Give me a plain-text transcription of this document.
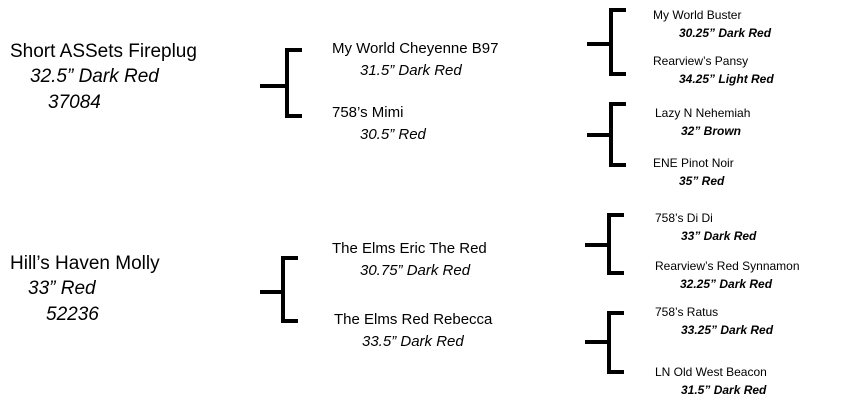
Short ASSets Fireplug
32.5” Dark Red
37084
My World Cheyenne B97
31.5” Dark Red
758’s Mimi
30.5” Red
My World Buster
30.25” Dark Red
Rearview’s Pansy
34.25” Light Red
Lazy N Nehemiah
32” Brown
ENE Pinot Noir
35” Red
Hill’s Haven Molly
33” Red
52236
The Elms Eric The Red
30.75” Dark Red
The Elms Red Rebecca
33.5” Dark Red
758’s Di Di
33” Dark Red
Rearview’s Red Synnamon
32.25” Dark Red
758’s Ratus
33.25” Dark Red
LN Old West Beacon
31.5” Dark Red
